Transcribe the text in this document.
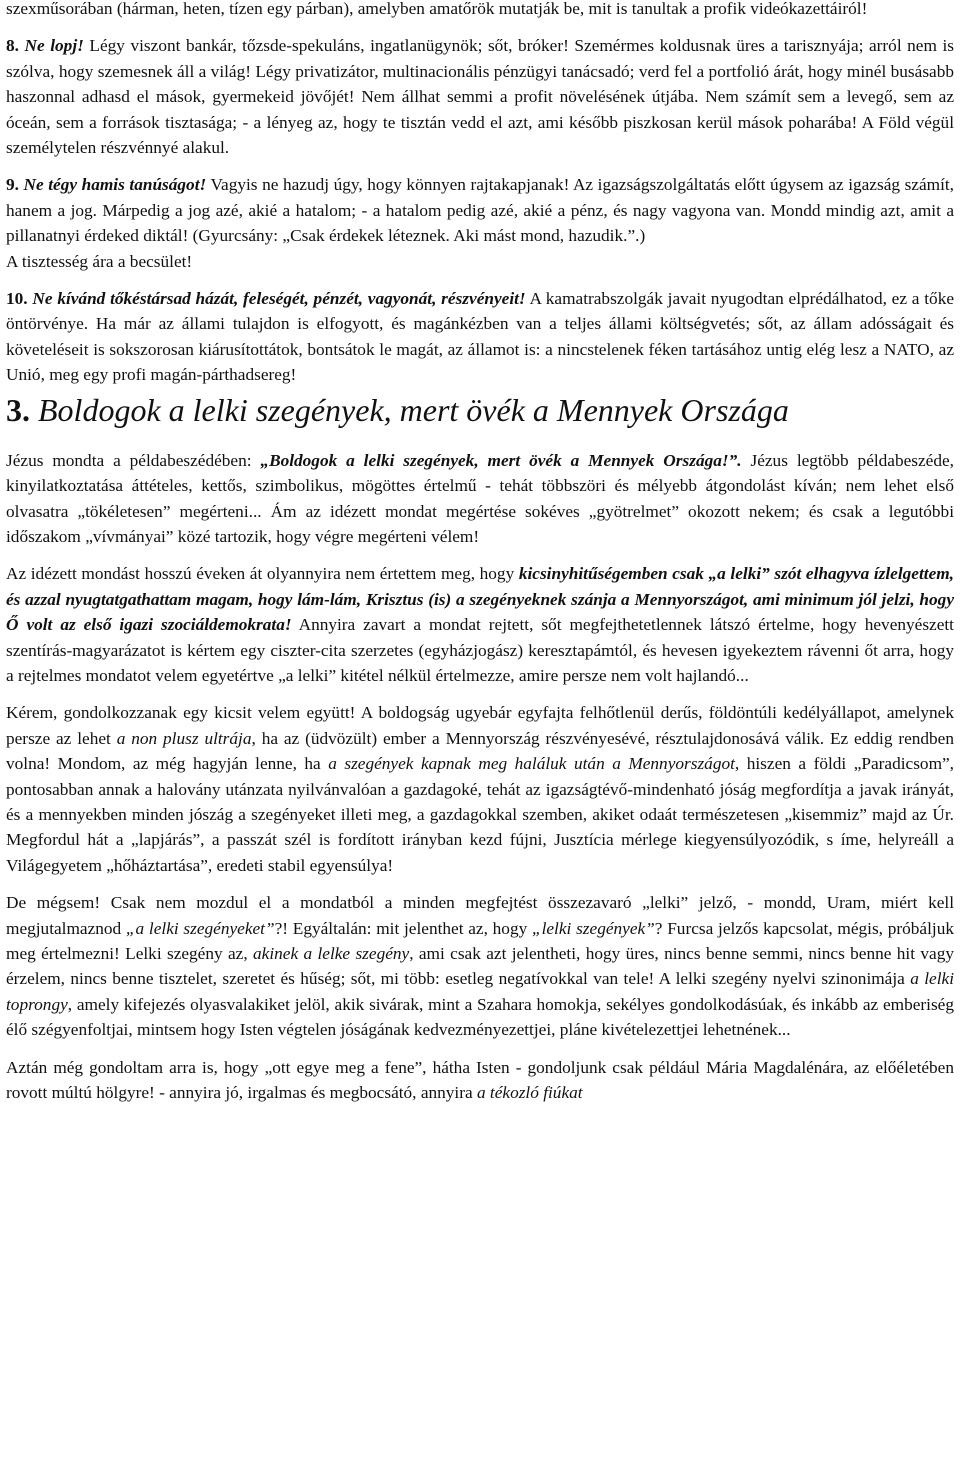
szexműsorában (hárman, heten, tízen egy párban), amelyben amatőrök mutatják be, mit is tanultak a profik videókazettáiról!

8. Ne lopj! Légy viszont bankár, tőzsde-spekuláns, ingatlanügynök; sőt, bróker! Szemérmes koldusnak üres a tarisznyája; arról nem is szólva, hogy szemesnek áll a világ! Légy privatizátor, multinacionális pénzügyi tanácsadó; verd fel a portfolió árát, hogy minél busásabb haszonnal adhasd el mások, gyermekeid jövőjét! Nem állhat semmi a profit növelésének útjába. Nem számít sem a levegő, sem az óceán, sem a források tisztasága; - a lényeg az, hogy te tisztán vedd el azt, ami később piszkosan kerül mások poharába! A Föld végül személytelen részvénnyé alakul.

9. Ne tégy hamis tanúságot! Vagyis ne hazudj úgy, hogy könnyen rajtakapjanak! Az igazságszolgáltatás előtt úgysem az igazság számít, hanem a jog. Márpedig a jog azé, akié a hatalom; - a hatalom pedig azé, akié a pénz, és nagy vagyona van. Mondd mindig azt, amit a pillanatnyi érdeked diktál! (Gyurcsány: „Csak érdekek léteznek. Aki mást mond, hazudik.”.)
A tisztesség ára a becsület!

10. Ne kívánd tőkéstársad házát, feleségét, pénzét, vagyonát, részvényeit! A kamatrabszolgák javait nyugodtan elprédálhatod, ez a tőke öntörvénye. Ha már az állami tulajdon is elfogyott, és magánkézben van a teljes állami költségvetés; sőt, az állam adósságait és követeléseit is sokszorosan kiárusítottátok, bontsátok le magát, az államot is: a nincstelenek féken tartásához untig elég lesz a NATO, az Unió, meg egy profi magán-párthadsereg!

3. Boldogok a lelki szegények, mert övék a Mennyek Országa

Jézus mondta a példabeszédében: „Boldogok a lelki szegények, mert övék a Mennyek Országa!”. Jézus legtöbb példabeszéde, kinyilatkoztatása áttételes, kettős, szimbolikus, mögöttes értelmű - tehát többszöri és mélyebb átgondolást kíván; nem lehet első olvasatra „tökéletesen” megérteni... Ám az idézett mondat megértése sokéves „gyötrelmet” okozott nekem; és csak a legutóbbi időszakom „vívmányai” közé tartozik, hogy végre megérteni vélem!

Az idézett mondást hosszú éveken át olyannyira nem értettem meg, hogy kicsinyhitűségemben csak „a lelki” szót elhagyva ízlelgettem, és azzal nyugtatgathattam magam, hogy lám-lám, Krisztus (is) a szegényeknek szánja a Mennyországot, ami minimum jól jelzi, hogy Ő volt az első igazi szociáldemokrata! Annyira zavart a mondat rejtett, sőt megfejthetetlennek látszó értelme, hogy hevenyészett szentírás-magyarázatot is kértem egy ciszter-cita szerzetes (egyházjogász) keresztapámtól, és hevesen igyekeztem rávenni őt arra, hogy a rejtelmes mondatot velem egyetértve „a lelki” kitétel nélkül értelmezze, amire persze nem volt hajlandó...

Kérem, gondolkozzanak egy kicsit velem együtt! A boldogság ugyebár egyfajta felhőtlenül derűs, földöntúli kedélyállapot, amelynek persze az lehet a non plusz ultrája, ha az (üdvözült) ember a Mennyország részvényesévé, résztulajdonosává válik. Ez eddig rendben volna! Mondom, az még hagyján lenne, ha a szegények kapnak meg haláluk után a Mennyországot, hiszen a földi „Paradicsom”, pontosabban annak a halovány utánzata nyilvánvalóan a gazdagoké, tehát az igazságtévő-mindenható jóság megfordítja a javak irányát, és a mennyekben minden jószág a szegényeket illeti meg, a gazdagokkal szemben, akiket odaát természetesen „kisemmiz” majd az Úr. Megfordul hát a „lapjárás”, a passzát szél is fordított irányban kezd fújni, Jusztícia mérlege kiegyensúlyozódik, s íme, helyreáll a Világegyetem „hőháztartása”, eredeti stabil egyensúlya!

De mégsem! Csak nem mozdul el a mondatból a minden megfejtést összezavaró „lelki” jelző, - mondd, Uram, miért kell megjutalmaznod „a lelki szegényeket”?! Egyáltalán: mit jelenthet az, hogy „lelki szegények”? Furcsa jelzős kapcsolat, mégis, próbáljuk meg értelmezni! Lelki szegény az, akinek a lelke szegény, ami csak azt jelentheti, hogy üres, nincs benne semmi, nincs benne hit vagy érzelem, nincs benne tisztelet, szeretet és hűség; sőt, mi több: esetleg negatívokkal van tele! A lelki szegény nyelvi szinonimája a lelki toprongy, amely kifejezés olyasvalakiket jelöl, akik sivárak, mint a Szahara homokja, sekélyes gondolkodásúak, és inkább az emberiség élő szégyenfoltjai, mintsem hogy Isten végtelen jóságának kedvezményezettjei, pláne kivételezettjei lehetnének...

Aztán még gondoltam arra is, hogy „ott egye meg a fene”, hátha Isten - gondoljunk csak például Mária Magdalénára, az előéletében rovott múltú hölgyre! - annyira jó, irgalmas és megbocsátó, annyira a tékozló fiúkat
